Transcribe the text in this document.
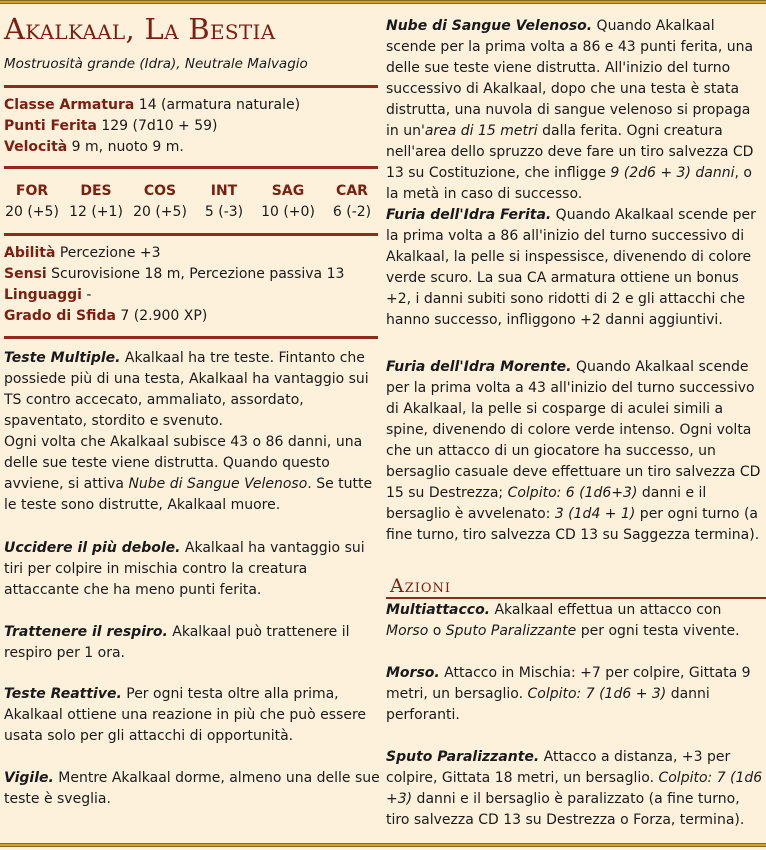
Akalkaal, La Bestia
Mostruosità grande (Idra), Neutrale Malvagio
Classe Armatura 14 (armatura naturale)
Punti Ferita 129 (7d10 + 59)
Velocità 9 m, nuoto 9 m.
FOR
20 (+5)
DES
12 (+1)
COS
20 (+5)
INT
5 (-3)
SAG
10 (+0)
CAR
6 (-2)
Abilità Percezione +3
Sensi Scurovisione 18 m, Percezione passiva 13
Linguaggi -
Grado di Sfida 7 (2.900 XP)
Teste Multiple. Akalkaal ha tre teste. Fintanto che possiede più di una testa, Akalkaal ha vantaggio sui TS contro accecato, ammaliato, assordato, spaventato, stordito e svenuto.
Ogni volta che Akalkaal subisce 43 o 86 danni, una delle sue teste viene distrutta. Quando questo avviene, si attiva Nube di Sangue Velenoso. Se tutte le teste sono distrutte, Akalkaal muore.
Uccidere il più debole. Akalkaal ha vantaggio sui tiri per colpire in mischia contro la creatura attaccante che ha meno punti ferita.
Trattenere il respiro. Akalkaal può trattenere il respiro per 1 ora.
Teste Reattive. Per ogni testa oltre alla prima, Akalkaal ottiene una reazione in più che può essere usata solo per gli attacchi di opportunità.
Vigile. Mentre Akalkaal dorme, almeno una delle sue teste è sveglia.
Nube di Sangue Velenoso. Quando Akalkaal scende per la prima volta a 86 e 43 punti ferita, una delle sue teste viene distrutta. All'inizio del turno successivo di Akalkaal, dopo che una testa è stata distrutta, una nuvola di sangue velenoso si propaga in un'area di 15 metri dalla ferita. Ogni creatura nell'area dello spruzzo deve fare un tiro salvezza CD 13 su Costituzione, che infligge 9 (2d6 + 3) danni, o la metà in caso di successo.
Furia dell'Idra Ferita. Quando Akalkaal scende per la prima volta a 86 all'inizio del turno successivo di Akalkaal, la pelle si inspessisce, divenendo di colore verde scuro. La sua CA armatura ottiene un bonus +2, i danni subiti sono ridotti di 2 e gli attacchi che hanno successo, infliggono +2 danni aggiuntivi.
Furia dell'Idra Morente. Quando Akalkaal scende per la prima volta a 43 all'inizio del turno successivo di Akalkaal, la pelle si cosparge di aculei simili a spine, divenendo di colore verde intenso. Ogni volta che un attacco di un giocatore ha successo, un bersaglio casuale deve effettuare un tiro salvezza CD 15 su Destrezza; Colpito: 6 (1d6+3) danni e il bersaglio è avvelenato: 3 (1d4 + 1) per ogni turno (a fine turno, tiro salvezza CD 13 su Saggezza termina).
Azioni
Multiattacco. Akalkaal effettua un attacco con Morso o Sputo Paralizzante per ogni testa vivente.
Morso. Attacco in Mischia: +7 per colpire, Gittata 9 metri, un bersaglio. Colpito: 7 (1d6 + 3) danni perforanti.
Sputo Paralizzante. Attacco a distanza, +3 per colpire, Gittata 18 metri, un bersaglio. Colpito: 7 (1d6 +3) danni e il bersaglio è paralizzato (a fine turno, tiro salvezza CD 13 su Destrezza o Forza, termina).
